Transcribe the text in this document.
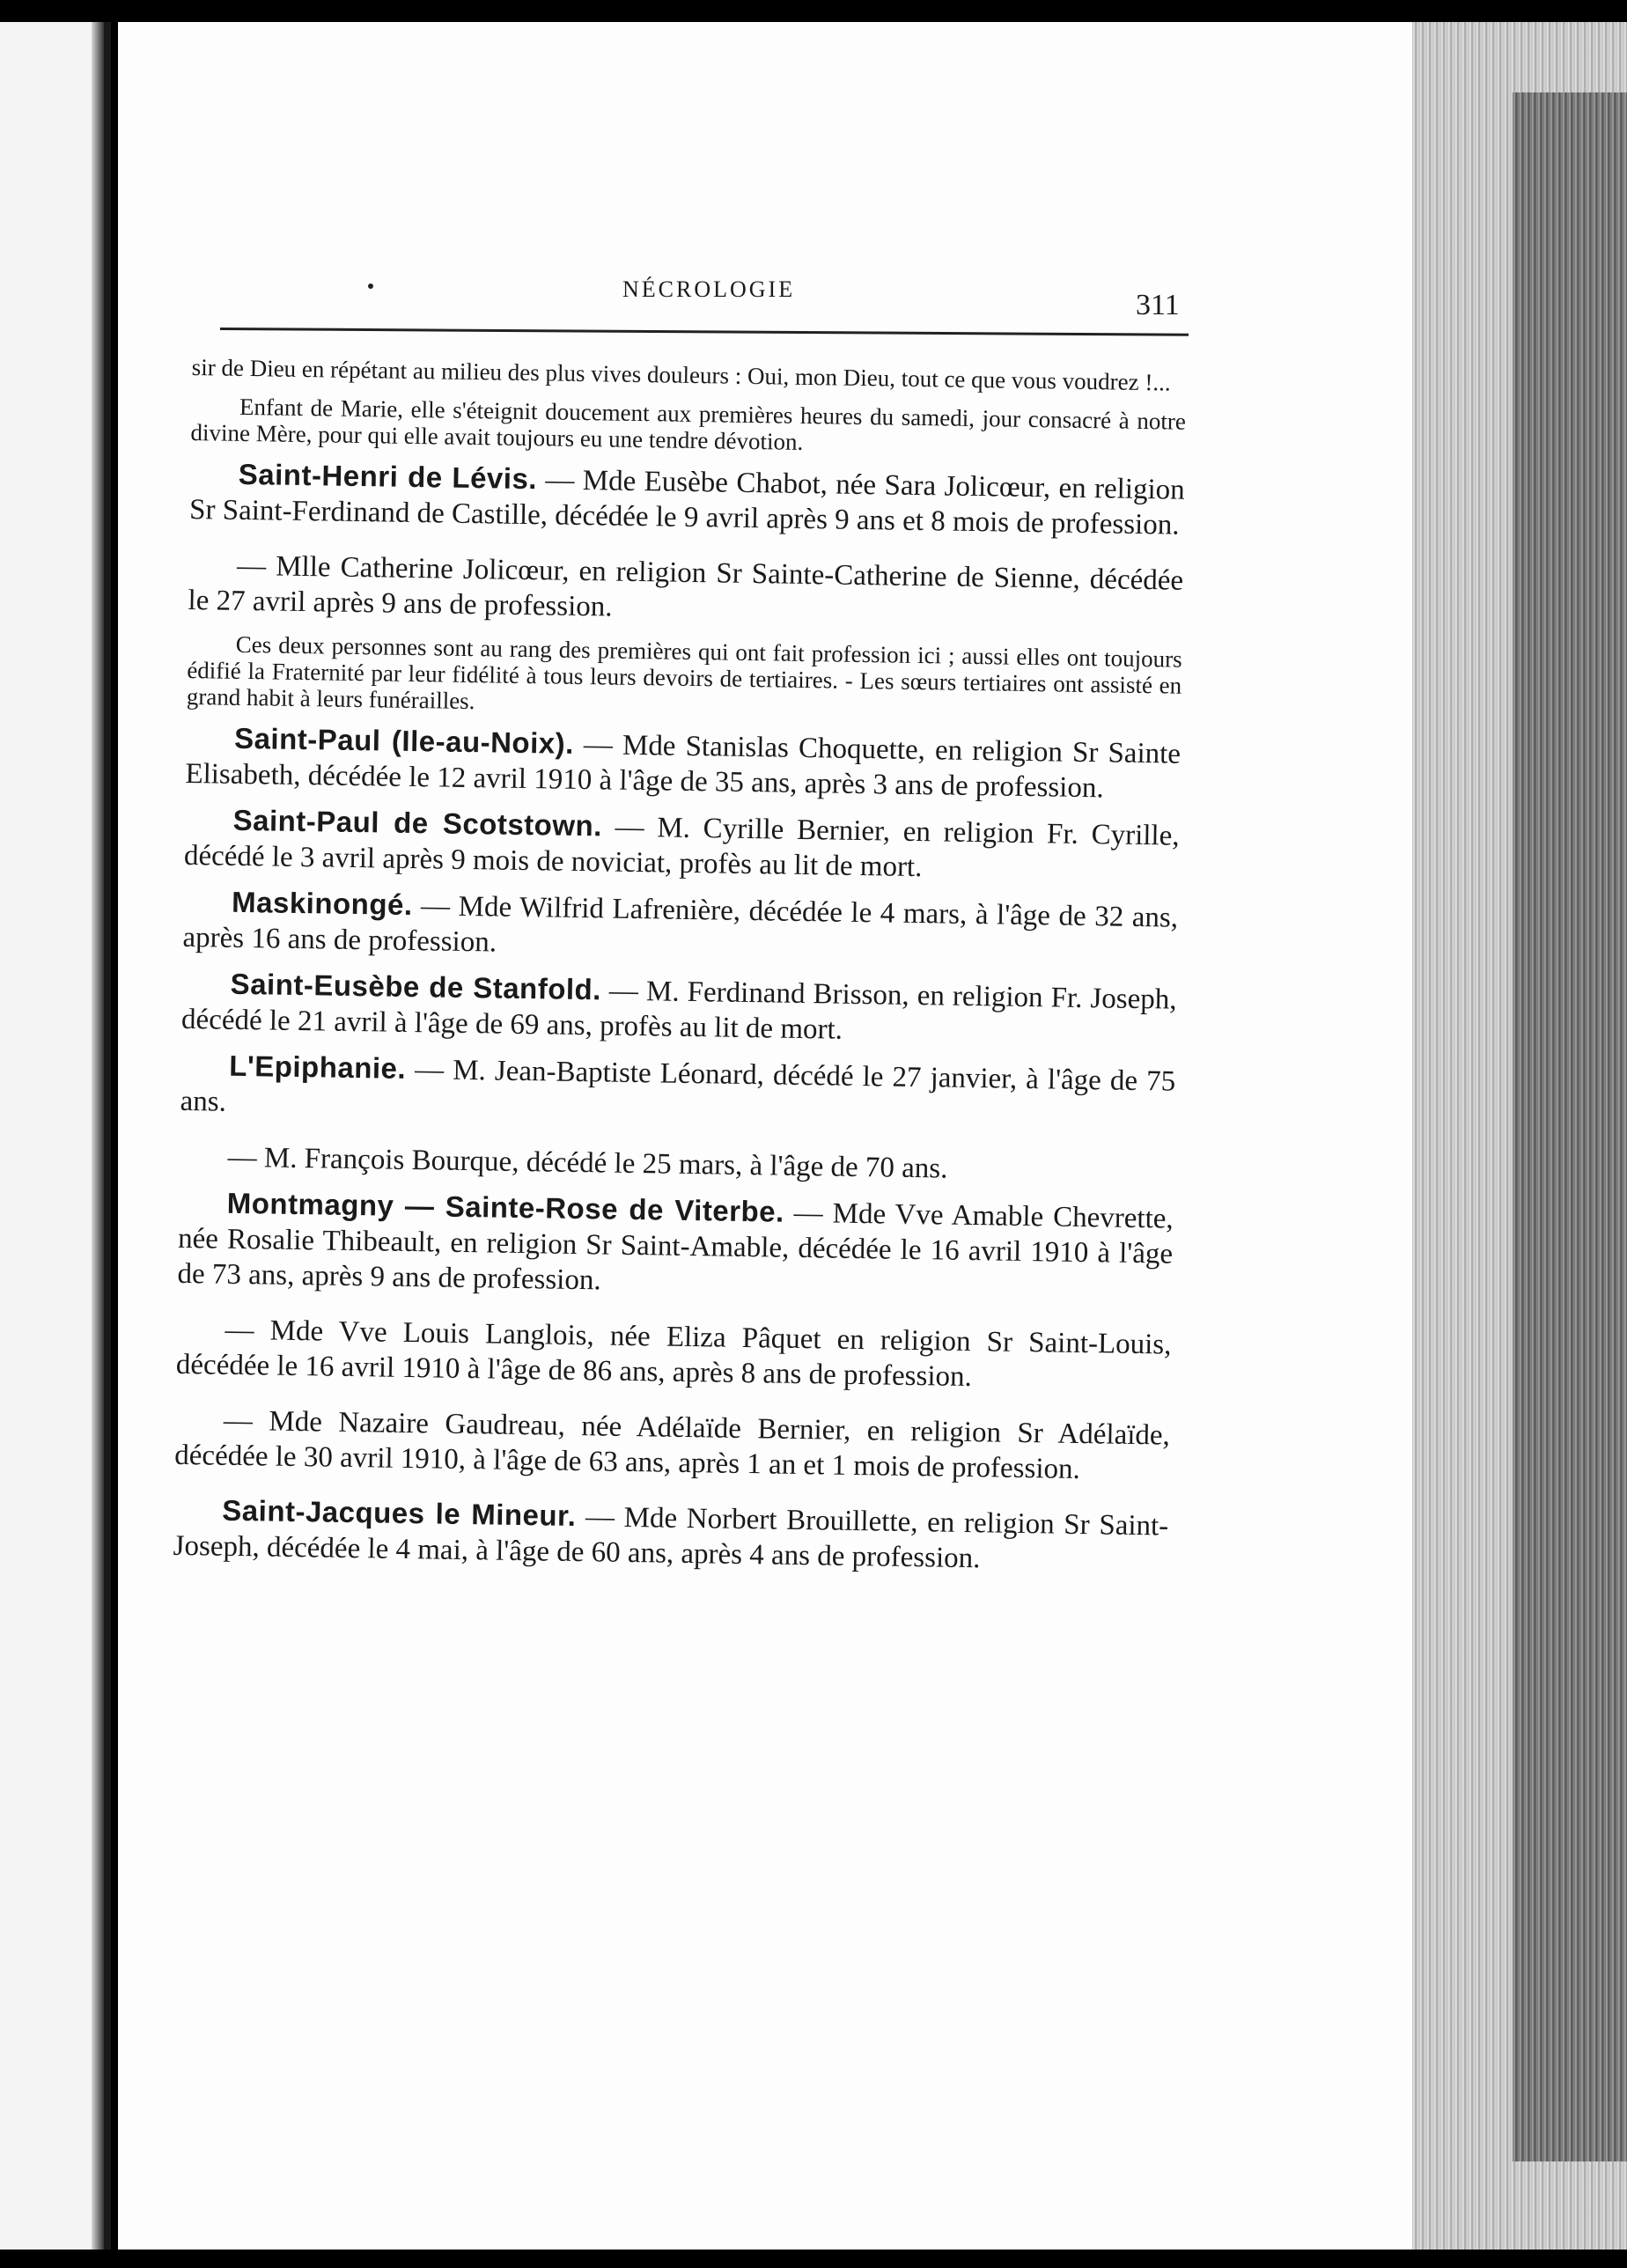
NÉCROLOGIE	311

sir de Dieu en répétant au milieu des plus vives douleurs : Oui, mon Dieu, tout ce que vous voudrez !...

Enfant de Marie, elle s'éteignit doucement aux premières heures du samedi, jour consacré à notre divine Mère, pour qui elle avait toujours eu une tendre dévotion.

Saint-Henri de Lévis. — Mde Eusèbe Chabot, née Sara Jolicœur, en religion Sr Saint-Ferdinand de Castille, décédée le 9 avril après 9 ans et 8 mois de profession.

— Mlle Catherine Jolicœur, en religion Sr Sainte-Catherine de Sienne, décédée le 27 avril après 9 ans de profession.

Ces deux personnes sont au rang des premières qui ont fait profession ici ; aussi elles ont toujours édifié la Fraternité par leur fidélité à tous leurs devoirs de tertiaires. - Les sœurs tertiaires ont assisté en grand habit à leurs funérailles.

Saint-Paul (Ile-au-Noix). — Mde Stanislas Choquette, en religion Sr Sainte Elisabeth, décédée le 12 avril 1910 à l'âge de 35 ans, après 3 ans de profession.

Saint-Paul de Scotstown. — M. Cyrille Bernier, en religion Fr. Cyrille, décédé le 3 avril après 9 mois de noviciat, profès au lit de mort.

Maskinongé. — Mde Wilfrid Lafrenière, décédée le 4 mars, à l'âge de 32 ans, après 16 ans de profession.

Saint-Eusèbe de Stanfold. — M. Ferdinand Brisson, en religion Fr. Joseph, décédé le 21 avril à l'âge de 69 ans, profès au lit de mort.

L'Epiphanie. — M. Jean-Baptiste Léonard, décédé le 27 janvier, à l'âge de 75 ans.

— M. François Bourque, décédé le 25 mars, à l'âge de 70 ans.

Montmagny — Sainte-Rose de Viterbe. — Mde Vve Amable Chevrette, née Rosalie Thibeault, en religion Sr Saint-Amable, décédée le 16 avril 1910 à l'âge de 73 ans, après 9 ans de profession.

— Mde Vve Louis Langlois, née Eliza Pâquet en religion Sr Saint-Louis, décédée le 16 avril 1910 à l'âge de 86 ans, après 8 ans de profession.

— Mde Nazaire Gaudreau, née Adélaïde Bernier, en religion Sr Adélaïde, décédée le 30 avril 1910, à l'âge de 63 ans, après 1 an et 1 mois de profession.

Saint-Jacques le Mineur. — Mde Norbert Brouillette, en religion Sr Saint-Joseph, décédée le 4 mai, à l'âge de 60 ans, après 4 ans de profession.
